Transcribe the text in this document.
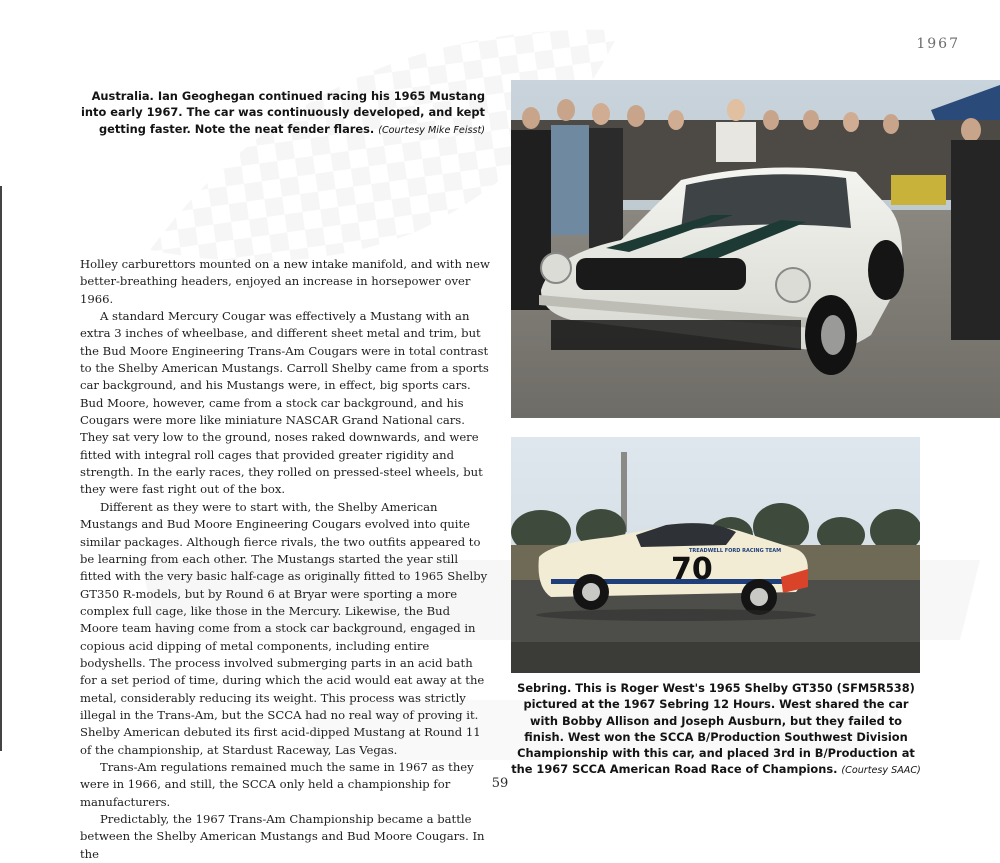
1967
Australia. Ian Geoghegan continued racing his 1965 Mustang into early 1967. The car was continuously developed, and kept getting faster. Note the neat fender flares. (Courtesy Mike Feisst)

Holley carburettors mounted on a new intake manifold, and with new better-breathing headers, enjoyed an increase in horsepower over 1966.

A standard Mercury Cougar was effectively a Mustang with an extra 3 inches of wheelbase, and different sheet metal and trim, but the Bud Moore Engineering Trans-Am Cougars were in total contrast to the Shelby American Mustangs. Carroll Shelby came from a sports car background, and his Mustangs were, in effect, big sports cars. Bud Moore, however, came from a stock car background, and his Cougars were more like miniature NASCAR Grand National cars. They sat very low to the ground, noses raked downwards, and were fitted with integral roll cages that provided greater rigidity and strength. In the early races, they rolled on pressed-steel wheels, but they were fast right out of the box.

Different as they were to start with, the Shelby American Mustangs and Bud Moore Engineering Cougars evolved into quite similar packages. Although fierce rivals, the two outfits appeared to be learning from each other. The Mustangs started the year still fitted with the very basic half-cage as originally fitted to 1965 Shelby GT350 R-models, but by Round 6 at Bryar were sporting a more complex full cage, like those in the Mercury. Likewise, the Bud Moore team having come from a stock car background, engaged in copious acid dipping of metal components, including entire bodyshells. The process involved submerging parts in an acid bath for a set period of time, during which the acid would eat away at the metal, considerably reducing its weight. This process was strictly illegal in the Trans-Am, but the SCCA had no real way of proving it. Shelby American debuted its first acid-dipped Mustang at Round 11 of the championship, at Stardust Raceway, Las Vegas.

Trans-Am regulations remained much the same in 1967 as they were in 1966, and still, the SCCA only held a championship for manufacturers.

Predictably, the 1967 Trans-Am Championship became a battle between the Shelby American Mustangs and Bud Moore Cougars. In the

70
TREADWELL FORD RACING TEAM
Sebring. This is Roger West's 1965 Shelby GT350 (SFM5R538) pictured at the 1967 Sebring 12 Hours. West shared the car with Bobby Allison and Joseph Ausburn, but they failed to finish. West won the SCCA B/Production Southwest Division Championship with this car, and placed 3rd in B/Production at the 1967 SCCA American Road Race of Champions. (Courtesy SAAC)
59
